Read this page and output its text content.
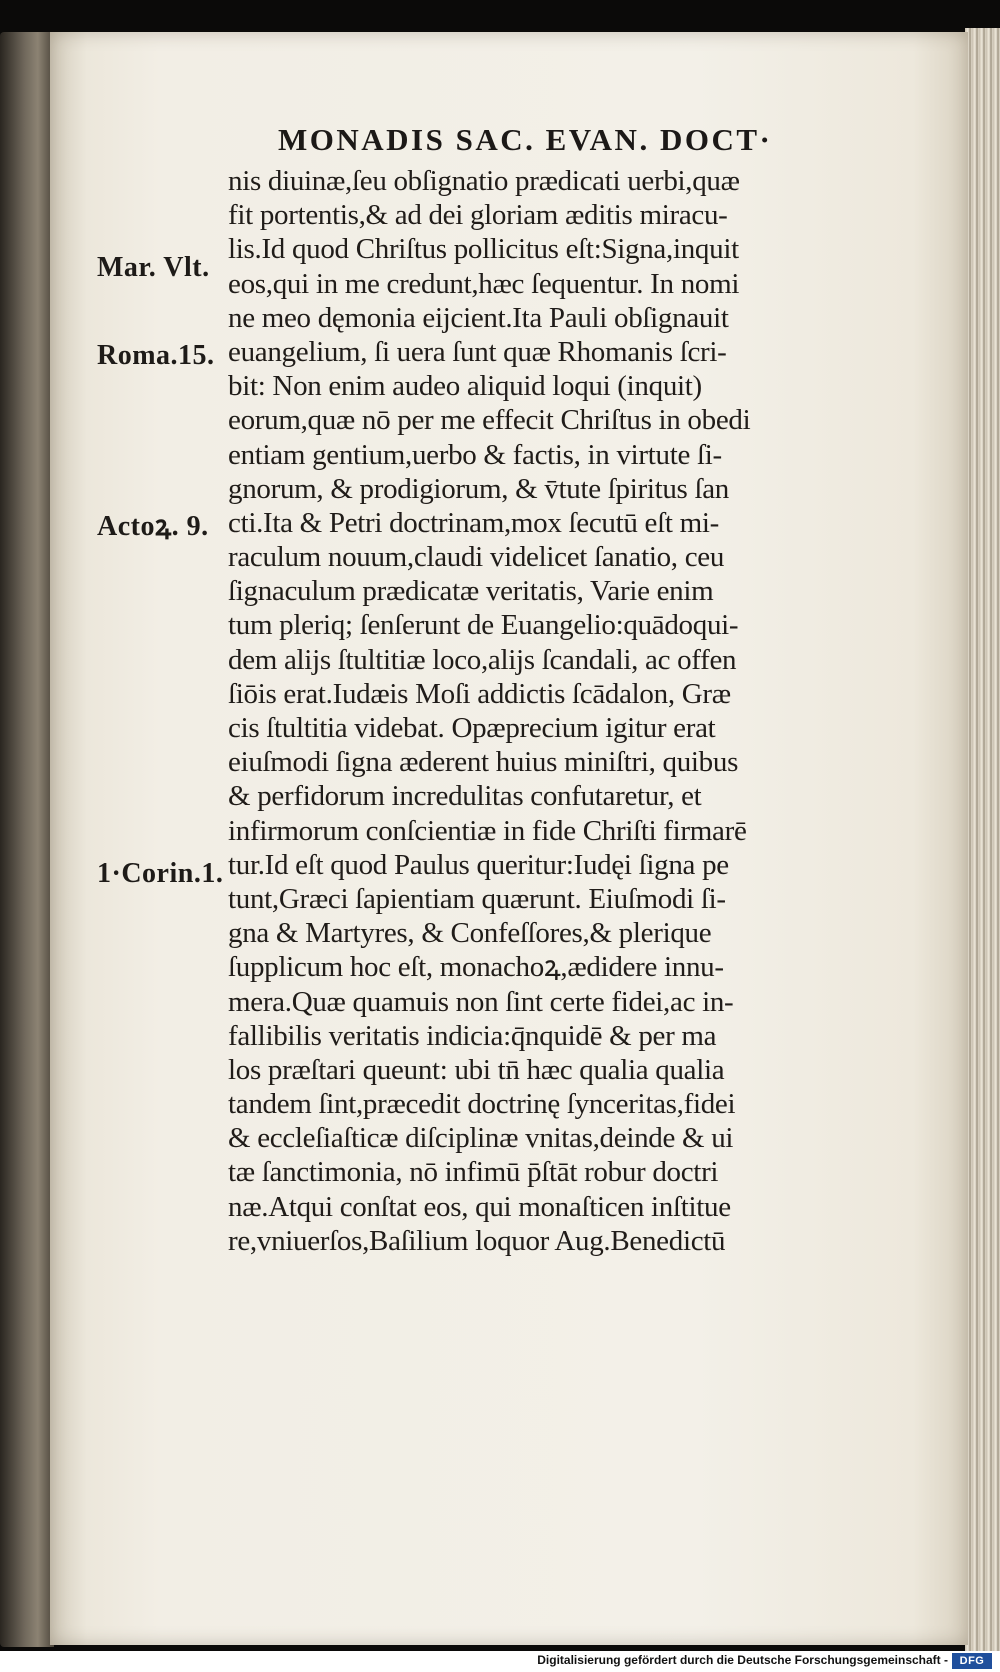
MONADIS SAC. EVAN. DOCT·
Mar. Vlt.
Roma.15.
Actoꝝ. 9.
1·Corin.1.
nis diuinæ,ſeu obſignatio prædicati uerbi,quæ
fit portentis,& ad dei gloriam æditis miracu-
lis.Id quod Chriſtus pollicitus eſt:Signa,inquit
eos,qui in me credunt,hæc ſequentur. In nomi
ne meo dęmonia eijcient.Ita Pauli obſignauit
euangelium, ſi uera ſunt quæ Rhomanis ſcri-
bit: Non enim audeo aliquid loqui (inquit)
eorum,quæ nō per me effecit Chriſtus in obedi
entiam gentium,uerbo & factis, in virtute ſi-
gnorum, & prodigiorum, & v̄tute ſpiritus ſan
cti.Ita & Petri doctrinam,mox ſecutū eſt mi-
raculum nouum,claudi videlicet ſanatio, ceu
ſignaculum prædicatæ veritatis, Varie enim
tum pleriq; ſenſerunt de Euangelio:quādoqui-
dem alijs ſtultitiæ loco,alijs ſcandali, ac offen
ſiōis erat.Iudæis Moſi addictis ſcādalon, Græ
cis ſtultitia videbat. Opæprecium igitur erat
eiuſmodi ſigna æderent huius miniſtri, quibus
& perfidorum incredulitas confutaretur, et
infirmorum conſcientiæ in fide Chriſti firmarē
tur.Id eſt quod Paulus queritur:Iudęi ſigna pe
tunt,Græci ſapientiam quærunt. Eiuſmodi ſi-
gna & Martyres, & Confeſſores,& plerique
ſupplicum hoc eſt, monachoꝝ,ædidere innu-
mera.Quæ quamuis non ſint certe fidei,ac in-
fallibilis veritatis indicia:q̄nquidē & per ma
los præſtari queunt: ubi tn̄ hæc qualia qualia
tandem ſint,præcedit doctrinę ſynceritas,fidei
& eccleſiaſticæ diſciplinæ vnitas,deinde & ui
tæ ſanctimonia, nō infimū p̄ſtāt robur doctri
næ.Atqui conſtat eos, qui monaſticen inſtitue
re,vniuerſos,Baſilium loquor Aug.Benedictū
Digitalisierung gefördert durch die Deutsche Forschungsgemeinschaft -	DFG
